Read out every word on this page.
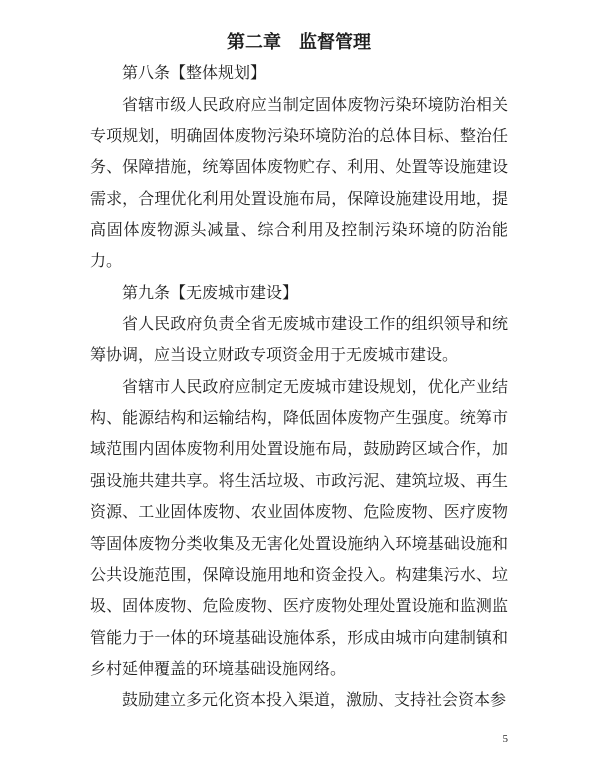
第二章　监督管理

第八条【整体规划】

省辖市级人民政府应当制定固体废物污染环境防治相关专项规划，明确固体废物污染环境防治的总体目标、整治任务、保障措施，统筹固体废物贮存、利用、处置等设施建设需求，合理优化利用处置设施布局，保障设施建设用地，提高固体废物源头减量、综合利用及控制污染环境的防治能力。

第九条【无废城市建设】

省人民政府负责全省无废城市建设工作的组织领导和统筹协调，应当设立财政专项资金用于无废城市建设。

省辖市人民政府应制定无废城市建设规划，优化产业结构、能源结构和运输结构，降低固体废物产生强度。统筹市域范围内固体废物利用处置设施布局，鼓励跨区域合作，加强设施共建共享。将生活垃圾、市政污泥、建筑垃圾、再生资源、工业固体废物、农业固体废物、危险废物、医疗废物等固体废物分类收集及无害化处置设施纳入环境基础设施和公共设施范围，保障设施用地和资金投入。构建集污水、垃圾、固体废物、危险废物、医疗废物处理处置设施和监测监管能力于一体的环境基础设施体系，形成由城市向建制镇和乡村延伸覆盖的环境基础设施网络。

鼓励建立多元化资本投入渠道，激励、支持社会资本参

5
